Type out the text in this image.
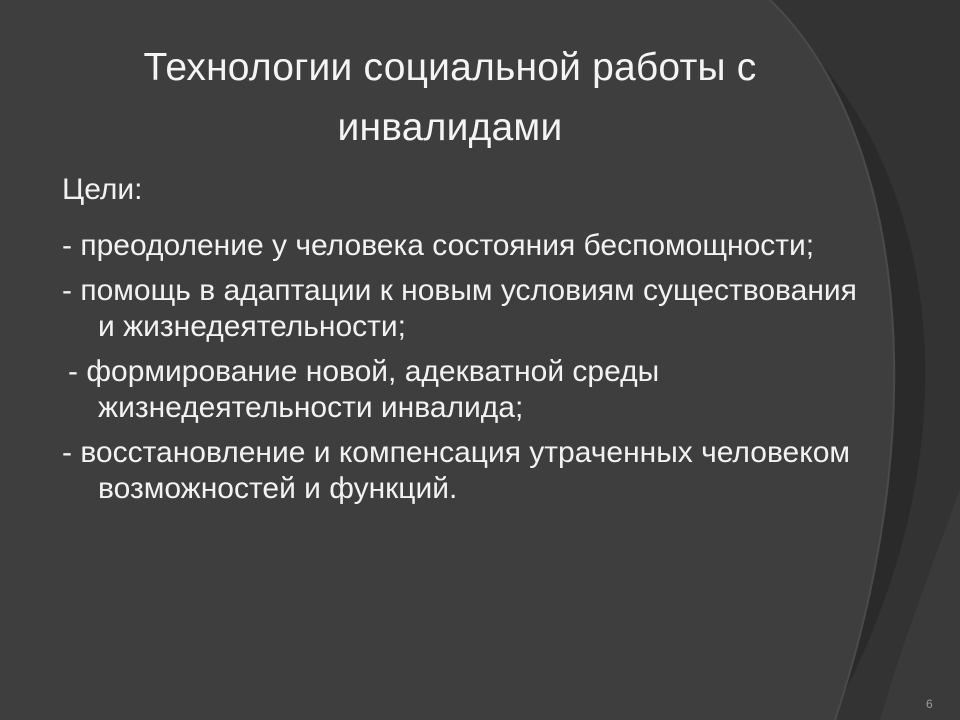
Технологии социальной работы с инвалидами

Цели:

- преодоление у человека состояния беспомощности;

- помощь в адаптации к новым условиям существования и жизнедеятельности;

- формирование новой, адекватной среды жизнедеятельности инвалида;

- восстановление и компенсация утраченных человеком возможностей и функций.

6
